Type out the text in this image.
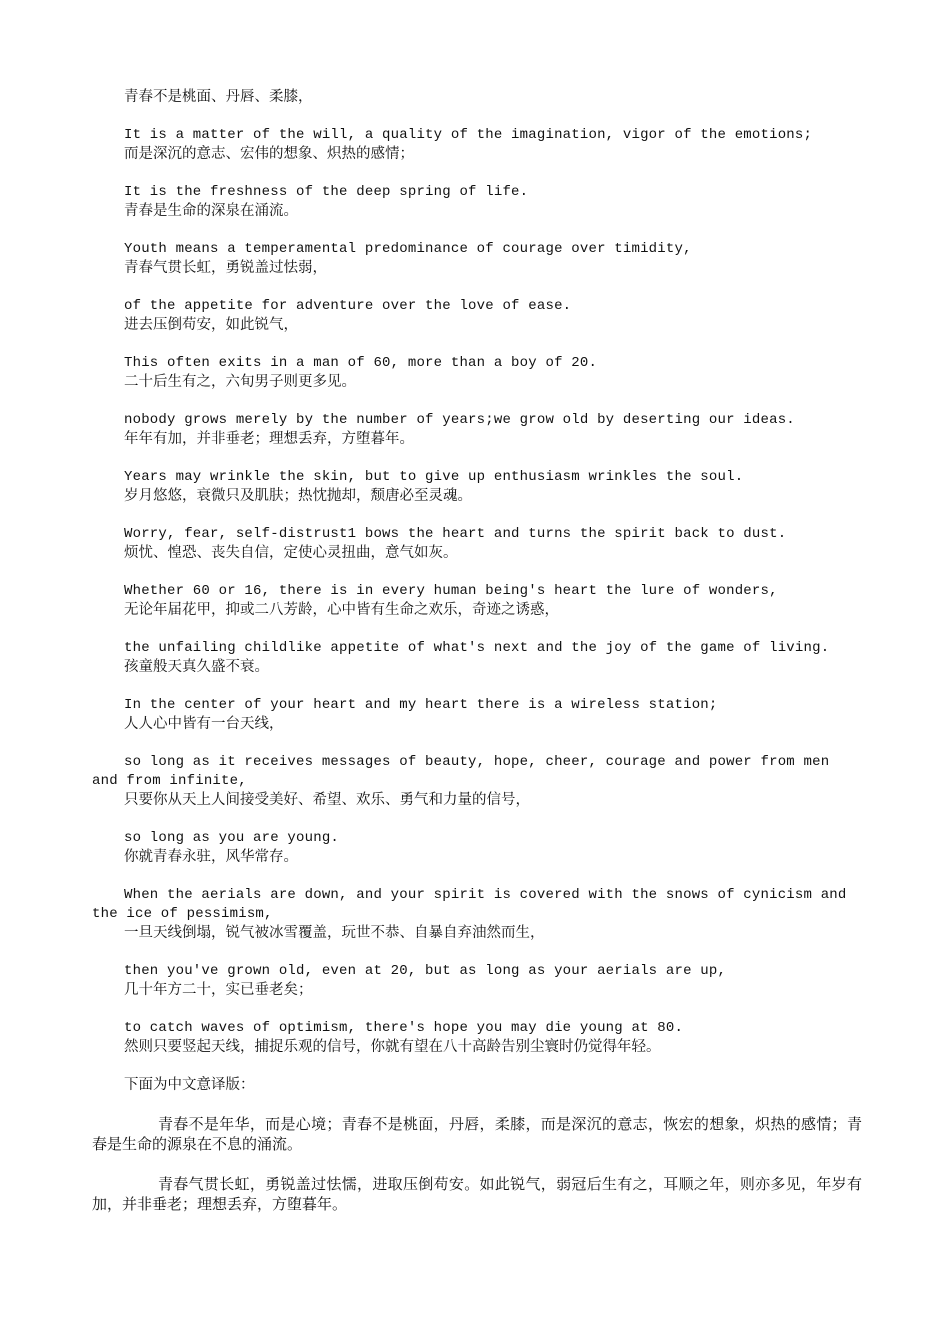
青春不是桃面、丹唇、柔膝，
It is a matter of the will, a quality of the imagination, vigor of the emotions;
而是深沉的意志、宏伟的想象、炽热的感情；
It is the freshness of the deep spring of life.
青春是生命的深泉在涌流。
Youth means a temperamental predominance of courage over timidity,
青春气贯长虹，勇锐盖过怯弱，
of the appetite for adventure over the love of ease.
进去压倒苟安，如此锐气，
This often exits in a man of 60, more than a boy of 20.
二十后生有之，六旬男子则更多见。
nobody grows merely by the number of years;we grow old by deserting our ideas.
年年有加，并非垂老；理想丢弃，方堕暮年。
Years may wrinkle the skin, but to give up enthusiasm wrinkles the soul.
岁月悠悠，衰微只及肌肤；热忱抛却，颓唐必至灵魂。
Worry, fear, self-distrust1 bows the heart and turns the spirit back to dust.
烦忧、惶恐、丧失自信，定使心灵扭曲，意气如灰。
Whether 60 or 16, there is in every human being's heart the lure of wonders,
无论年届花甲，抑或二八芳龄，心中皆有生命之欢乐，奇迹之诱惑，
the unfailing childlike appetite of what's next and the joy of the game of living.
孩童般天真久盛不衰。
In the center of your heart and my heart there is a wireless station;
人人心中皆有一台天线，
so long as it receives messages of beauty, hope, cheer, courage and power from men and from infinite,
只要你从天上人间接受美好、希望、欢乐、勇气和力量的信号，
so long as you are young.
你就青春永驻，风华常存。
When the aerials are down, and your spirit is covered with the snows of cynicism and the ice of pessimism,
一旦天线倒塌，锐气被冰雪覆盖，玩世不恭、自暴自弃油然而生，
then you've grown old, even at 20, but as long as your aerials are up,
几十年方二十，实已垂老矣；
to catch waves of optimism, there's hope you may die young at 80.
然则只要竖起天线，捕捉乐观的信号，你就有望在八十高龄告别尘寰时仍觉得年轻。
下面为中文意译版：
青春不是年华，而是心境；青春不是桃面，丹唇，柔膝，而是深沉的意志，恢宏的想象，炽热的感情；青春是生命的源泉在不息的涌流。
青春气贯长虹，勇锐盖过怯懦，进取压倒苟安。如此锐气，弱冠后生有之，耳顺之年，则亦多见，年岁有加，并非垂老；理想丢弃，方堕暮年。
